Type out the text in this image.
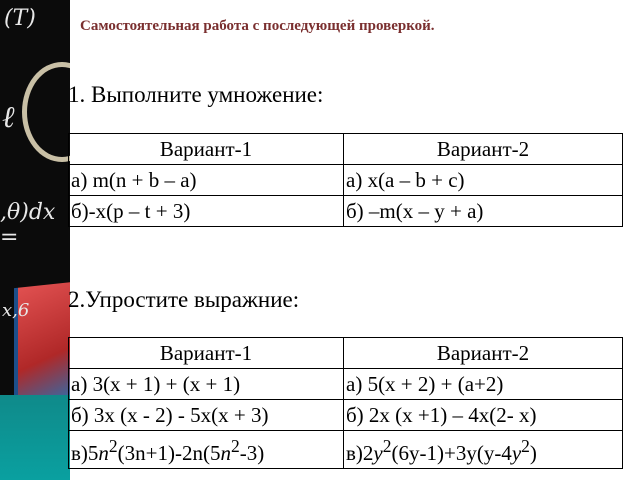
(T)
ℓ
,θ)dx =
x,6
Самостоятельная работа с последующей проверкой.
1. Выполните умножение:
Вариант-1	Вариант-2
а) m(n + b – a)	а) x(a – b + c)
б)-x(p – t + 3)	б) –m(x – y + a)
2.Упростите выражние:
Вариант-1	Вариант-2
а) 3(x + 1) + (x + 1)	а) 5(x + 2) + (a+2)
б) 3x (x - 2) - 5x(x + 3)	б) 2x (x +1) – 4x(2- x)
$в)5n^2(3n+1)-2n(5n^2-3)$	$в)2y^2(6y-1)+3y(y-4y^2)$
